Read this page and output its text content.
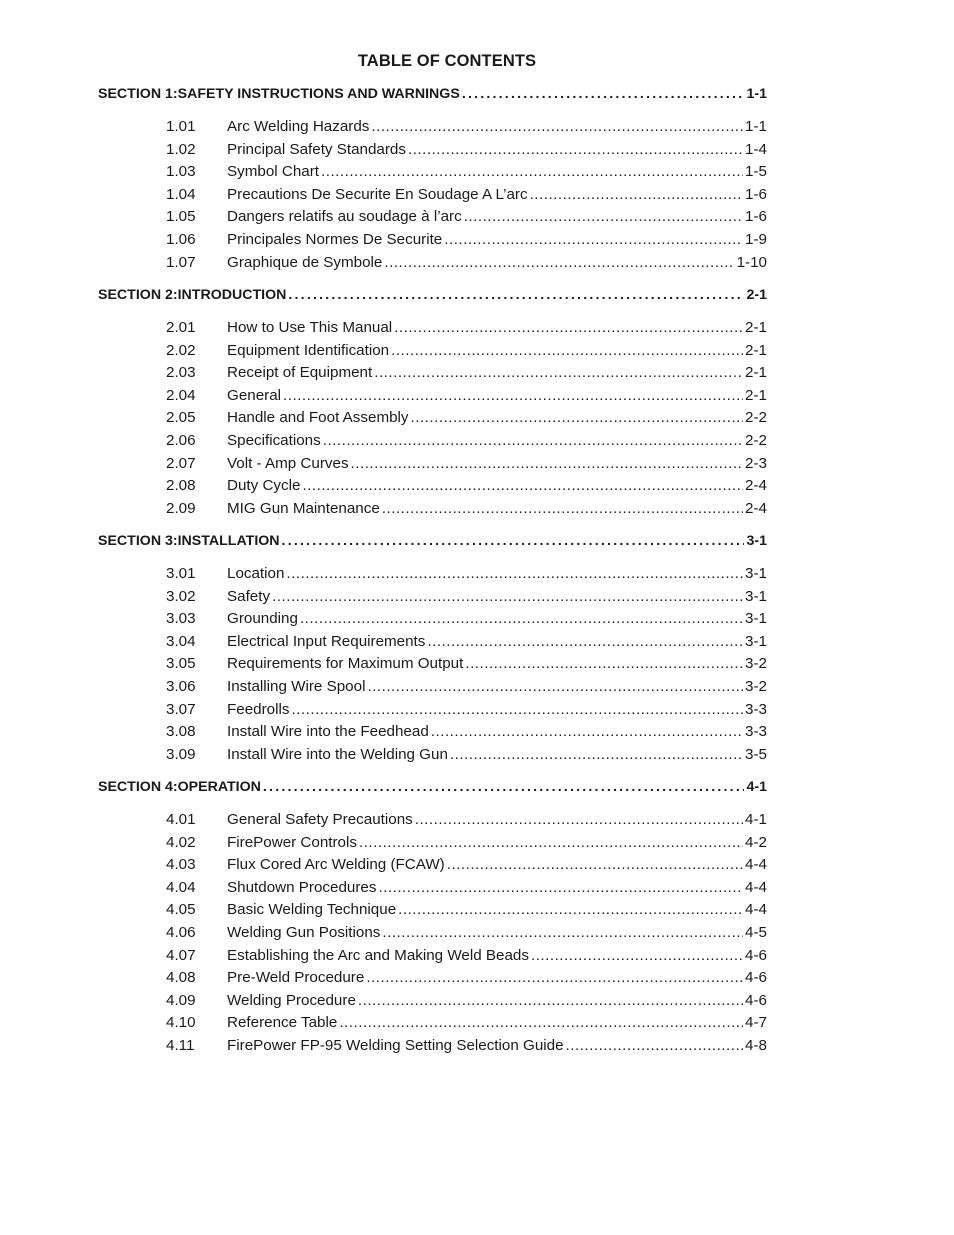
TABLE OF CONTENTS
SECTION 1:SAFETY INSTRUCTIONS AND WARNINGS .....	1-1
1.01	Arc Welding Hazards .....	1-1
1.02	Principal Safety Standards .....	1-4
1.03	Symbol Chart .....	1-5
1.04	Precautions De Securite En Soudage A L’arc .....	1-6
1.05	Dangers relatifs au soudage à l’arc .....	1-6
1.06	Principales Normes De Securite .....	1-9
1.07	Graphique de Symbole .....	1-10
SECTION 2:INTRODUCTION .....	2-1
2.01	How to Use This Manual .....	2-1
2.02	Equipment Identification .....	2-1
2.03	Receipt of Equipment .....	2-1
2.04	General .....	2-1
2.05	Handle and Foot Assembly .....	2-2
2.06	Specifications .....	2-2
2.07	Volt - Amp Curves .....	2-3
2.08	Duty Cycle .....	2-4
2.09	MIG Gun Maintenance .....	2-4
SECTION 3:INSTALLATION .....	3-1
3.01	Location .....	3-1
3.02	Safety .....	3-1
3.03	Grounding .....	3-1
3.04	Electrical Input Requirements .....	3-1
3.05	Requirements for Maximum Output .....	3-2
3.06	Installing Wire Spool .....	3-2
3.07	Feedrolls .....	3-3
3.08	Install Wire into the Feedhead .....	3-3
3.09	Install Wire into the Welding Gun .....	3-5
SECTION 4:OPERATION .....	4-1
4.01	General Safety Precautions .....	4-1
4.02	FirePower Controls .....	4-2
4.03	Flux Cored Arc Welding (FCAW) .....	4-4
4.04	Shutdown Procedures .....	4-4
4.05	Basic Welding Technique .....	4-4
4.06	Welding Gun Positions .....	4-5
4.07	Establishing the Arc and Making Weld Beads .....	4-6
4.08	Pre-Weld Procedure .....	4-6
4.09	Welding Procedure .....	4-6
4.10	Reference Table .....	4-7
4.11	FirePower FP-95 Welding Setting Selection Guide .....	4-8
